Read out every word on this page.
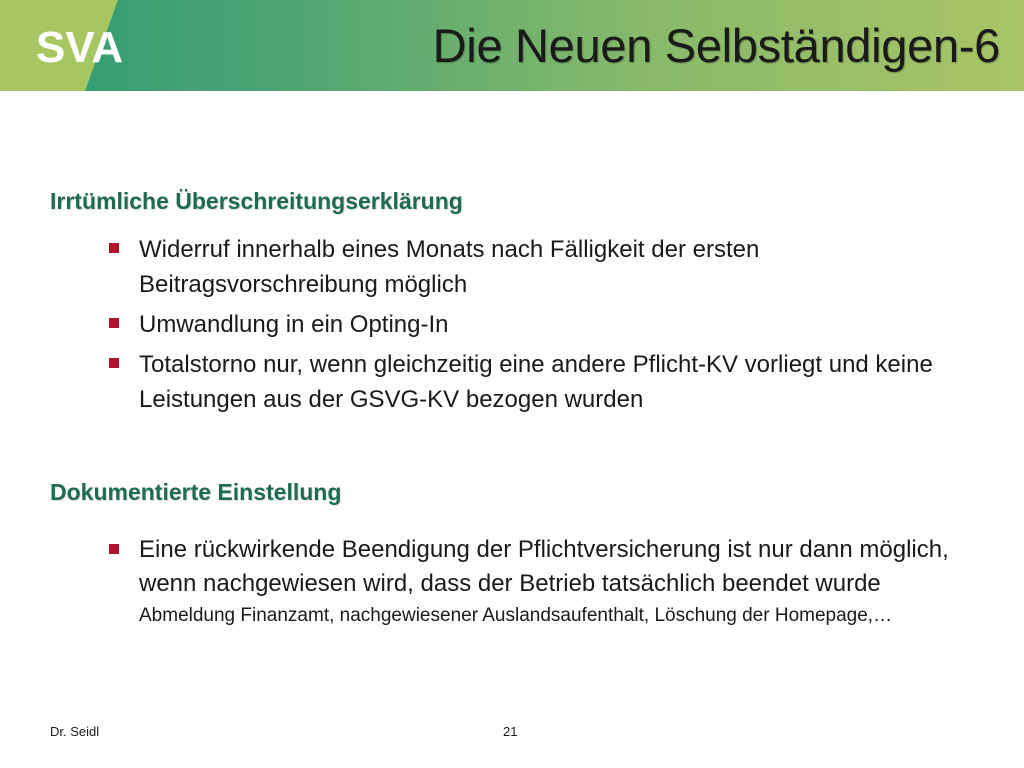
SVA	Die Neuen Selbständigen-6
Irrtümliche Überschreitungserklärung
Widerruf innerhalb eines Monats nach Fälligkeit der ersten Beitragsvorschreibung möglich
Umwandlung in ein Opting-In
Totalstorno nur, wenn gleichzeitig eine andere Pflicht-KV vorliegt und keine Leistungen aus der GSVG-KV bezogen wurden
Dokumentierte Einstellung
Eine rückwirkende Beendigung der Pflichtversicherung ist nur dann möglich, wenn nachgewiesen wird, dass der Betrieb tatsächlich beendet wurde
Abmeldung Finanzamt, nachgewiesener Auslandsaufenthalt, Löschung der Homepage,…
Dr. Seidl	21
